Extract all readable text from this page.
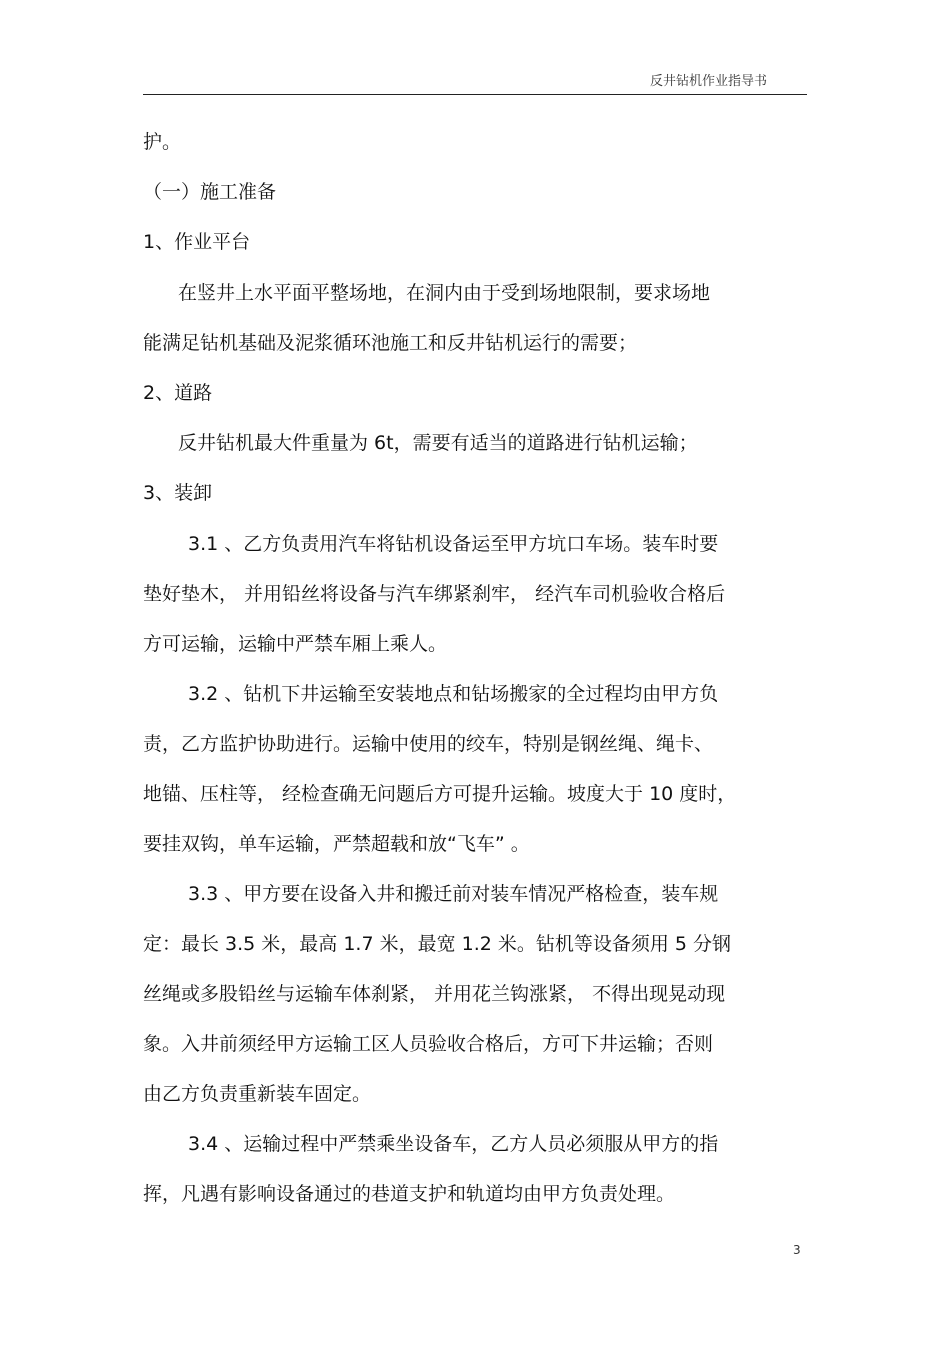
反井钻机作业指导书
护。
（一）施工准备
1、作业平台
在竖井上水平面平整场地，在洞内由于受到场地限制，要求场地
能满足钻机基础及泥浆循环池施工和反井钻机运行的需要；
2、道路
反井钻机最大件重量为 6t，需要有适当的道路进行钻机运输；
3、装卸
3.1 、乙方负责用汽车将钻机设备运至甲方坑口车场。装车时要
垫好垫木， 并用铅丝将设备与汽车绑紧刹牢， 经汽车司机验收合格后
方可运输，运输中严禁车厢上乘人。
3.2 、钻机下井运输至安装地点和钻场搬家的全过程均由甲方负
责，乙方监护协助进行。运输中使用的绞车，特别是钢丝绳、绳卡、
地锚、压柱等， 经检查确无问题后方可提升运输。坡度大于 10 度时，
要挂双钩，单车运输，严禁超载和放“飞车” 。
3.3 、甲方要在设备入井和搬迁前对装车情况严格检查，装车规
定：最长 3.5 米，最高 1.7 米，最宽 1.2 米。钻机等设备须用 5 分钢
丝绳或多股铅丝与运输车体刹紧， 并用花兰钩涨紧， 不得出现晃动现
象。入井前须经甲方运输工区人员验收合格后，方可下井运输；否则
由乙方负责重新装车固定。
3.4 、运输过程中严禁乘坐设备车，乙方人员必须服从甲方的指
挥，凡遇有影响设备通过的巷道支护和轨道均由甲方负责处理。
3
